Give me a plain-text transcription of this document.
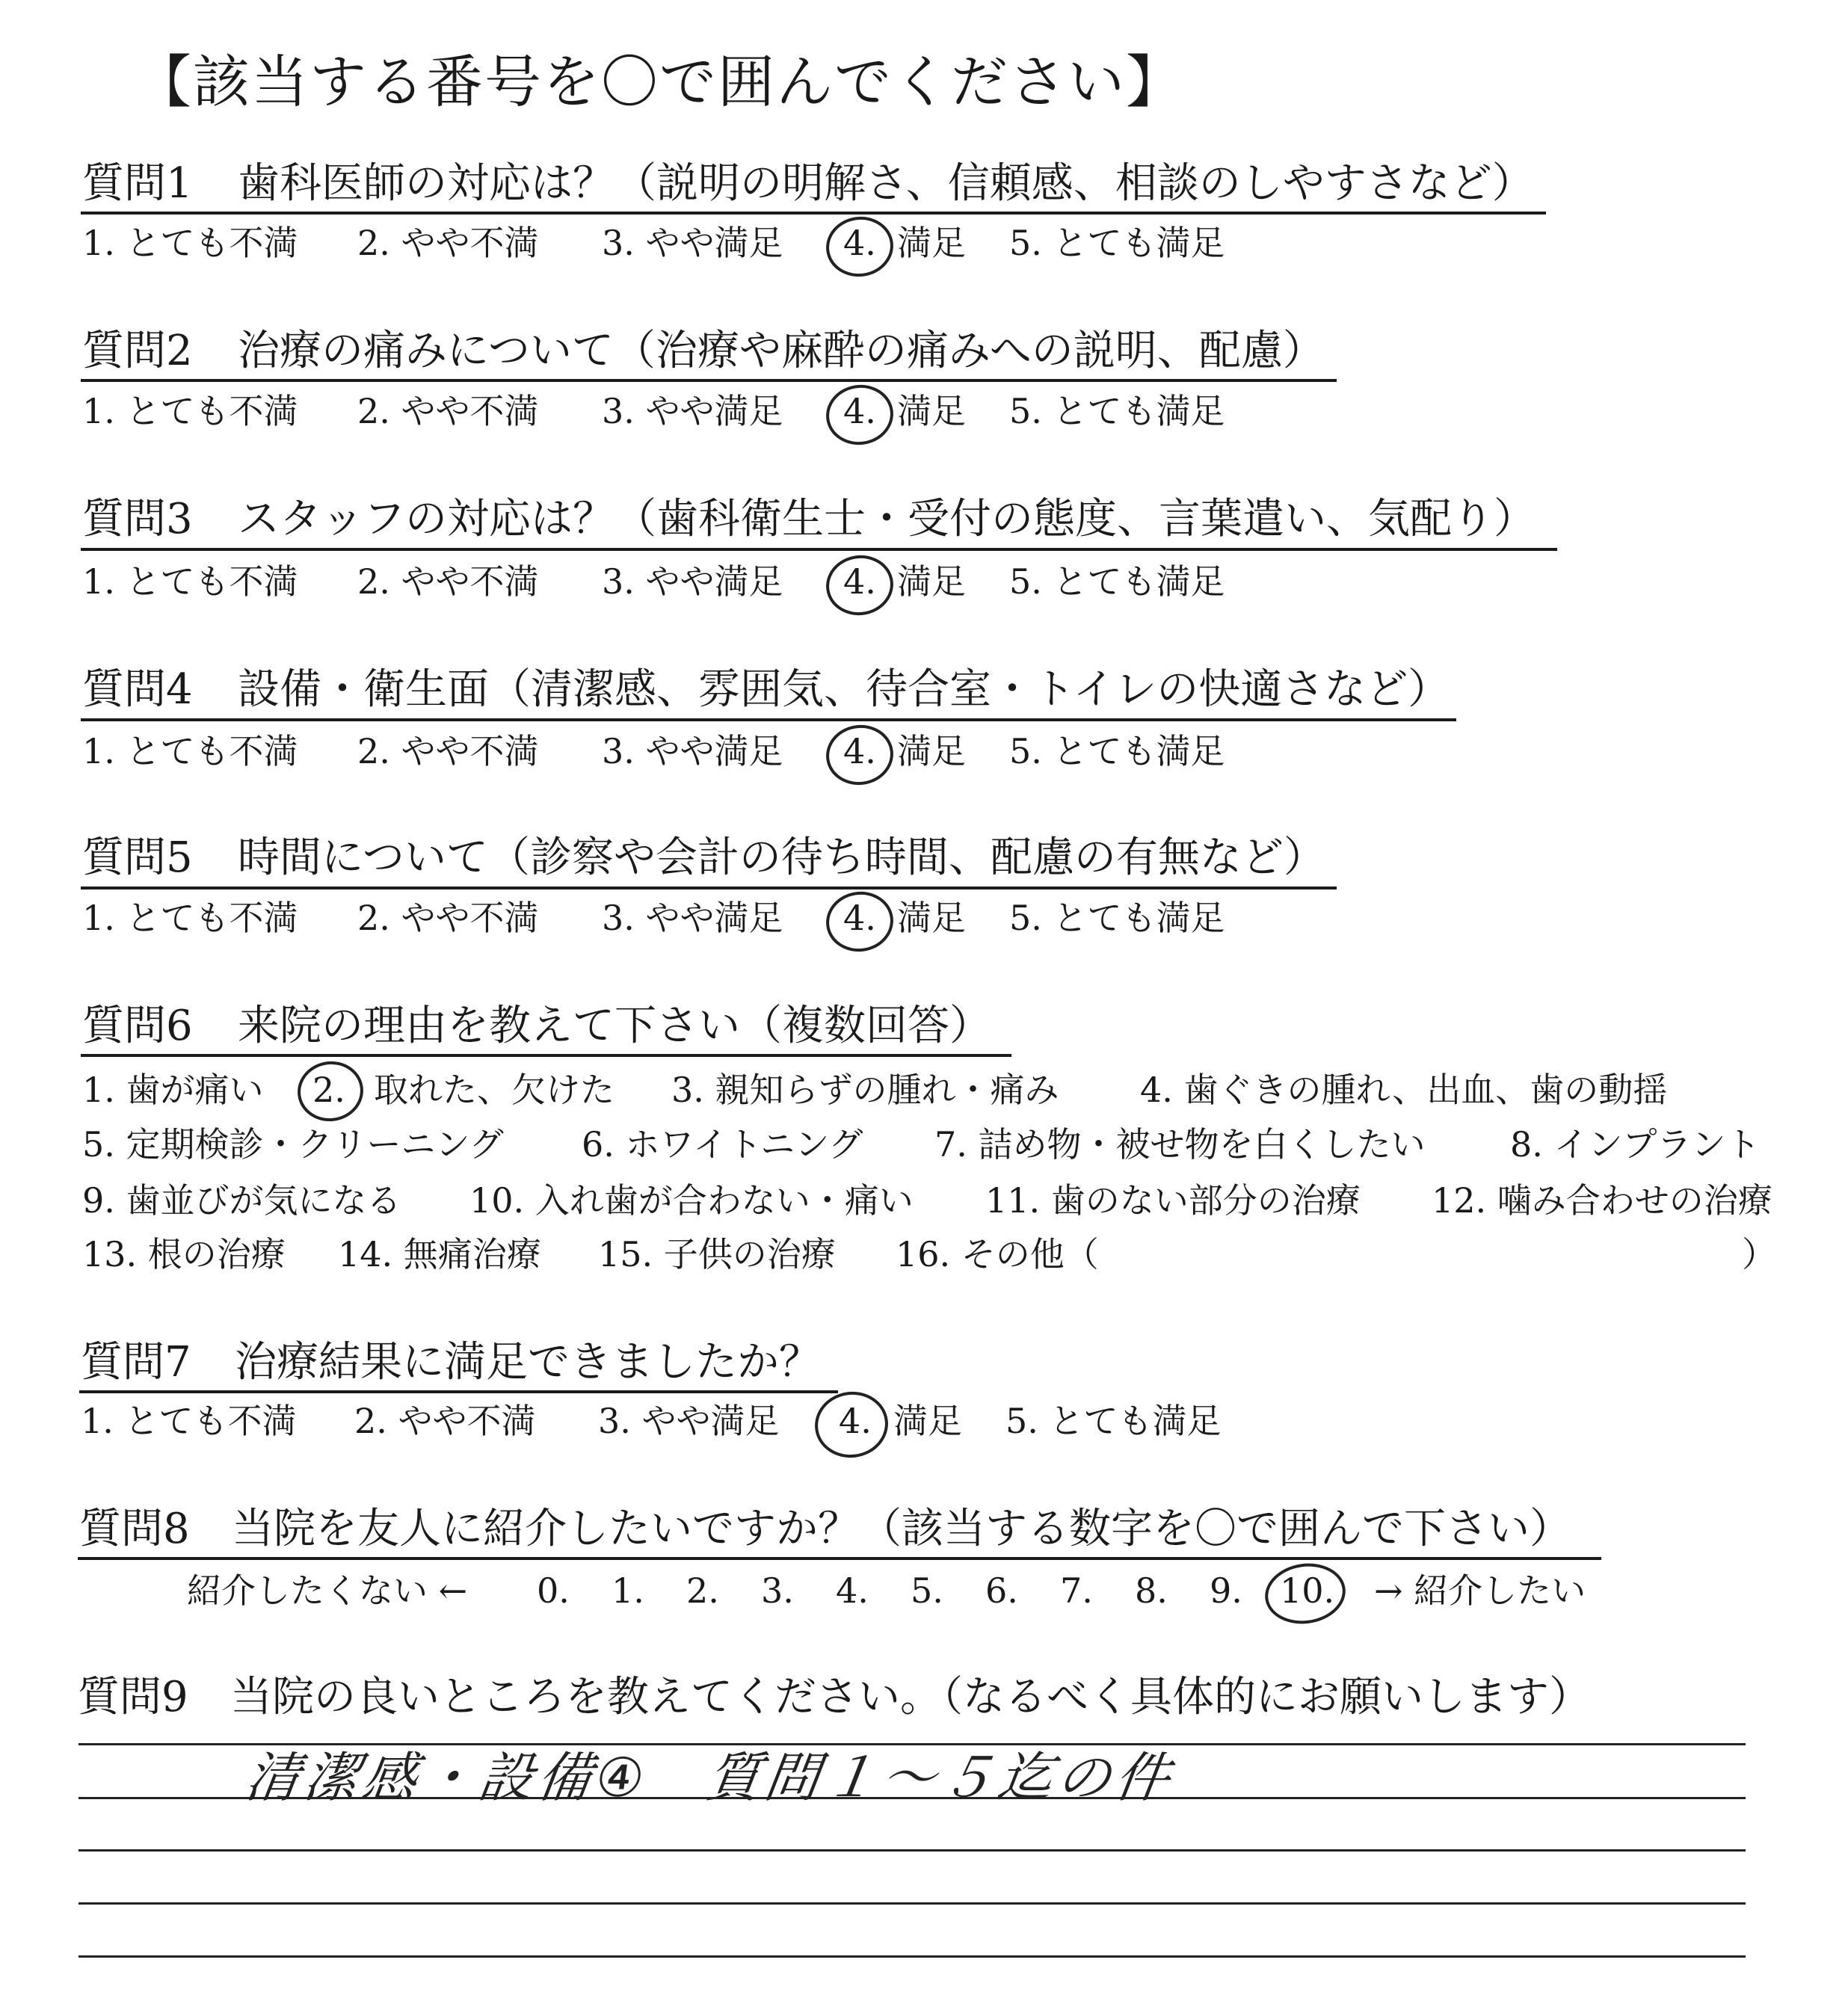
【該当する番号を〇で囲んでください】
質問1 歯科医師の対応は？（説明の明解さ、信頼感、相談のしやすさなど）
1. とても不満 2. やや不満 3. やや満足 4. 満足 5. とても満足
質問2 治療の痛みについて（治療や麻酔の痛みへの説明、配慮）
1. とても不満 2. やや不満 3. やや満足 4. 満足 5. とても満足
質問3 スタッフの対応は？（歯科衛生士・受付の態度、言葉遣い、気配り）
1. とても不満 2. やや不満 3. やや満足 4. 満足 5. とても満足
質問4 設備・衛生面（清潔感、雰囲気、待合室・トイレの快適さなど）
1. とても不満 2. やや不満 3. やや満足 4. 満足 5. とても満足
質問5 時間について（診察や会計の待ち時間、配慮の有無など）
1. とても不満 2. やや不満 3. やや満足 4. 満足 5. とても満足
質問6 来院の理由を教えて下さい（複数回答）
1. 歯が痛い 2. 取れた、欠けた 3. 親知らずの腫れ・痛み 4. 歯ぐきの腫れ、出血、歯の動揺
5. 定期検診・クリーニング 6. ホワイトニング 7. 詰め物・被せ物を白くしたい 8. インプラント
9. 歯並びが気になる 10. 入れ歯が合わない・痛い 11. 歯のない部分の治療 12. 噛み合わせの治療
13. 根の治療 14. 無痛治療 15. 子供の治療 16. その他（	）
質問7 治療結果に満足できましたか？
1. とても不満 2. やや不満 3. やや満足 4. 満足 5. とても満足
質問8 当院を友人に紹介したいですか？（該当する数字を〇で囲んで下さい）
紹介したくない ← 0. 1. 2. 3. 4. 5. 6. 7. 8. 9. 10. → 紹介したい
質問9 当院の良いところを教えてください。（なるべく具体的にお願いします）
清潔感・設備④　質問１～５迄の件
